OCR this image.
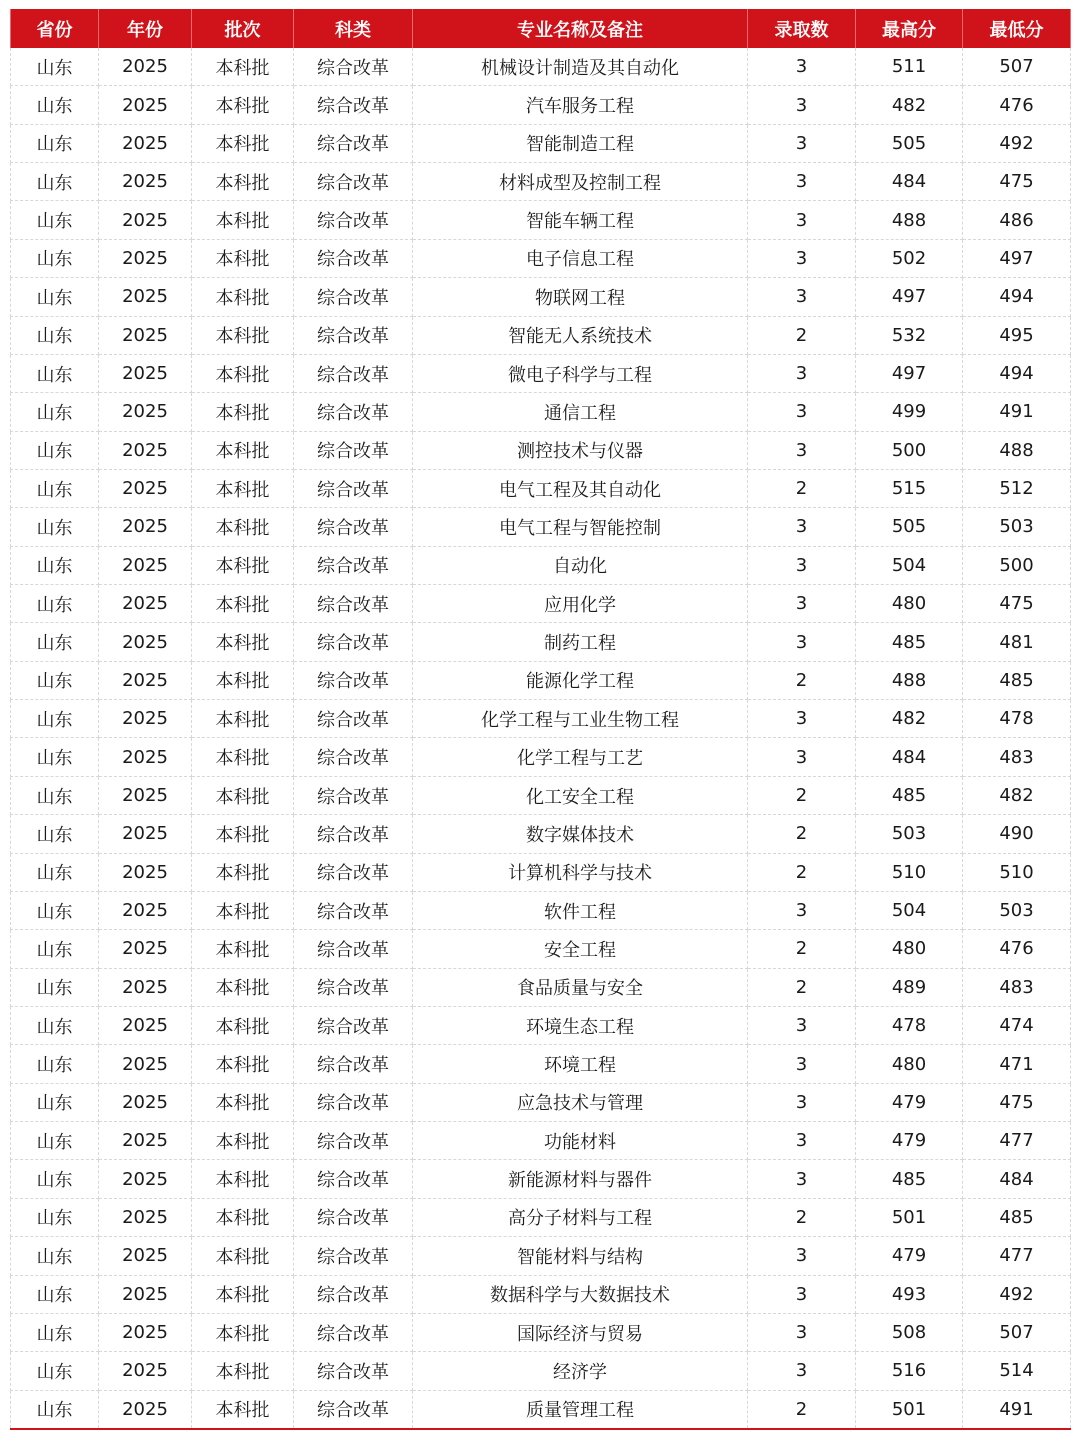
省份	年份	批次	科类	专业名称及备注	录取数	最高分	最低分
山东	2025	本科批	综合改革	机械设计制造及其自动化	3	511	507
山东	2025	本科批	综合改革	汽车服务工程	3	482	476
山东	2025	本科批	综合改革	智能制造工程	3	505	492
山东	2025	本科批	综合改革	材料成型及控制工程	3	484	475
山东	2025	本科批	综合改革	智能车辆工程	3	488	486
山东	2025	本科批	综合改革	电子信息工程	3	502	497
山东	2025	本科批	综合改革	物联网工程	3	497	494
山东	2025	本科批	综合改革	智能无人系统技术	2	532	495
山东	2025	本科批	综合改革	微电子科学与工程	3	497	494
山东	2025	本科批	综合改革	通信工程	3	499	491
山东	2025	本科批	综合改革	测控技术与仪器	3	500	488
山东	2025	本科批	综合改革	电气工程及其自动化	2	515	512
山东	2025	本科批	综合改革	电气工程与智能控制	3	505	503
山东	2025	本科批	综合改革	自动化	3	504	500
山东	2025	本科批	综合改革	应用化学	3	480	475
山东	2025	本科批	综合改革	制药工程	3	485	481
山东	2025	本科批	综合改革	能源化学工程	2	488	485
山东	2025	本科批	综合改革	化学工程与工业生物工程	3	482	478
山东	2025	本科批	综合改革	化学工程与工艺	3	484	483
山东	2025	本科批	综合改革	化工安全工程	2	485	482
山东	2025	本科批	综合改革	数字媒体技术	2	503	490
山东	2025	本科批	综合改革	计算机科学与技术	2	510	510
山东	2025	本科批	综合改革	软件工程	3	504	503
山东	2025	本科批	综合改革	安全工程	2	480	476
山东	2025	本科批	综合改革	食品质量与安全	2	489	483
山东	2025	本科批	综合改革	环境生态工程	3	478	474
山东	2025	本科批	综合改革	环境工程	3	480	471
山东	2025	本科批	综合改革	应急技术与管理	3	479	475
山东	2025	本科批	综合改革	功能材料	3	479	477
山东	2025	本科批	综合改革	新能源材料与器件	3	485	484
山东	2025	本科批	综合改革	高分子材料与工程	2	501	485
山东	2025	本科批	综合改革	智能材料与结构	3	479	477
山东	2025	本科批	综合改革	数据科学与大数据技术	3	493	492
山东	2025	本科批	综合改革	国际经济与贸易	3	508	507
山东	2025	本科批	综合改革	经济学	3	516	514
山东	2025	本科批	综合改革	质量管理工程	2	501	491
